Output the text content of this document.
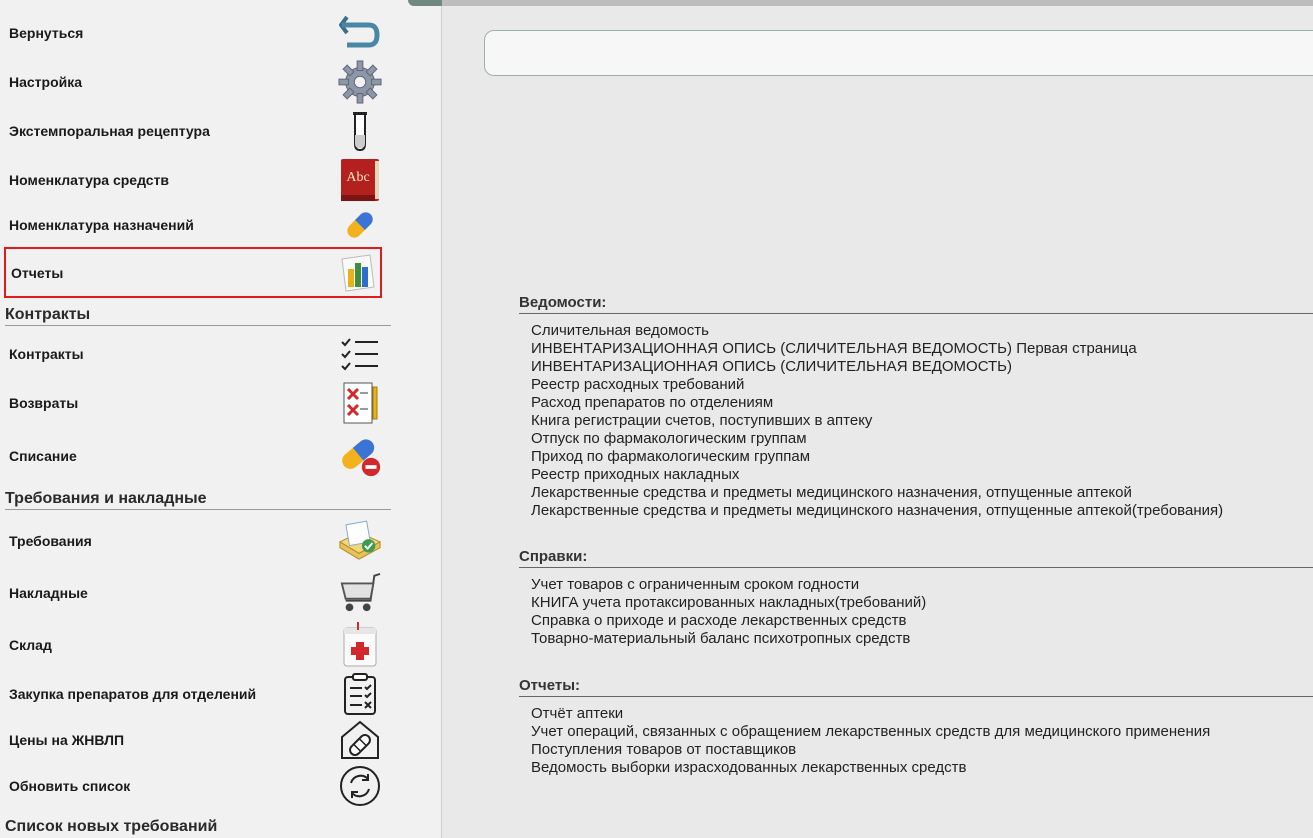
Вернуться
Настройка
Экстемпоральная рецептура
Номенклатура средств	Abc
Номенклатура назначений
Отчеты
Контракты
Контракты
Возвраты
Списание
Требования и накладные
Требования
Накладные
Склад
Закупка препаратов для отделений
Цены на ЖНВЛП
Обновить список
Список новых требований
Ведомости:
Сличительная ведомость
ИНВЕНТАРИЗАЦИОННАЯ ОПИСЬ (СЛИЧИТЕЛЬНАЯ ВЕДОМОСТЬ) Первая страница
ИНВЕНТАРИЗАЦИОННАЯ ОПИСЬ (СЛИЧИТЕЛЬНАЯ ВЕДОМОСТЬ)
Реестр расходных требований
Расход препаратов по отделениям
Книга регистрации счетов, поступивших в аптеку
Отпуск по фармакологическим группам
Приход по фармакологическим группам
Реестр приходных накладных
Лекарственные средства и предметы медицинского назначения, отпущенные аптекой
Лекарственные средства и предметы медицинского назначения, отпущенные аптекой(требования)
Справки:
Учет товаров с ограниченным сроком годности
КНИГА учета протаксированных накладных(требований)
Справка о приходе и расходе лекарственных средств
Товарно-материальный баланс психотропных средств
Отчеты:
Отчёт аптеки
Учет операций, связанных с обращением лекарственных средств для медицинского применения
Поступления товаров от поставщиков
Ведомость выборки израсходованных лекарственных средств
